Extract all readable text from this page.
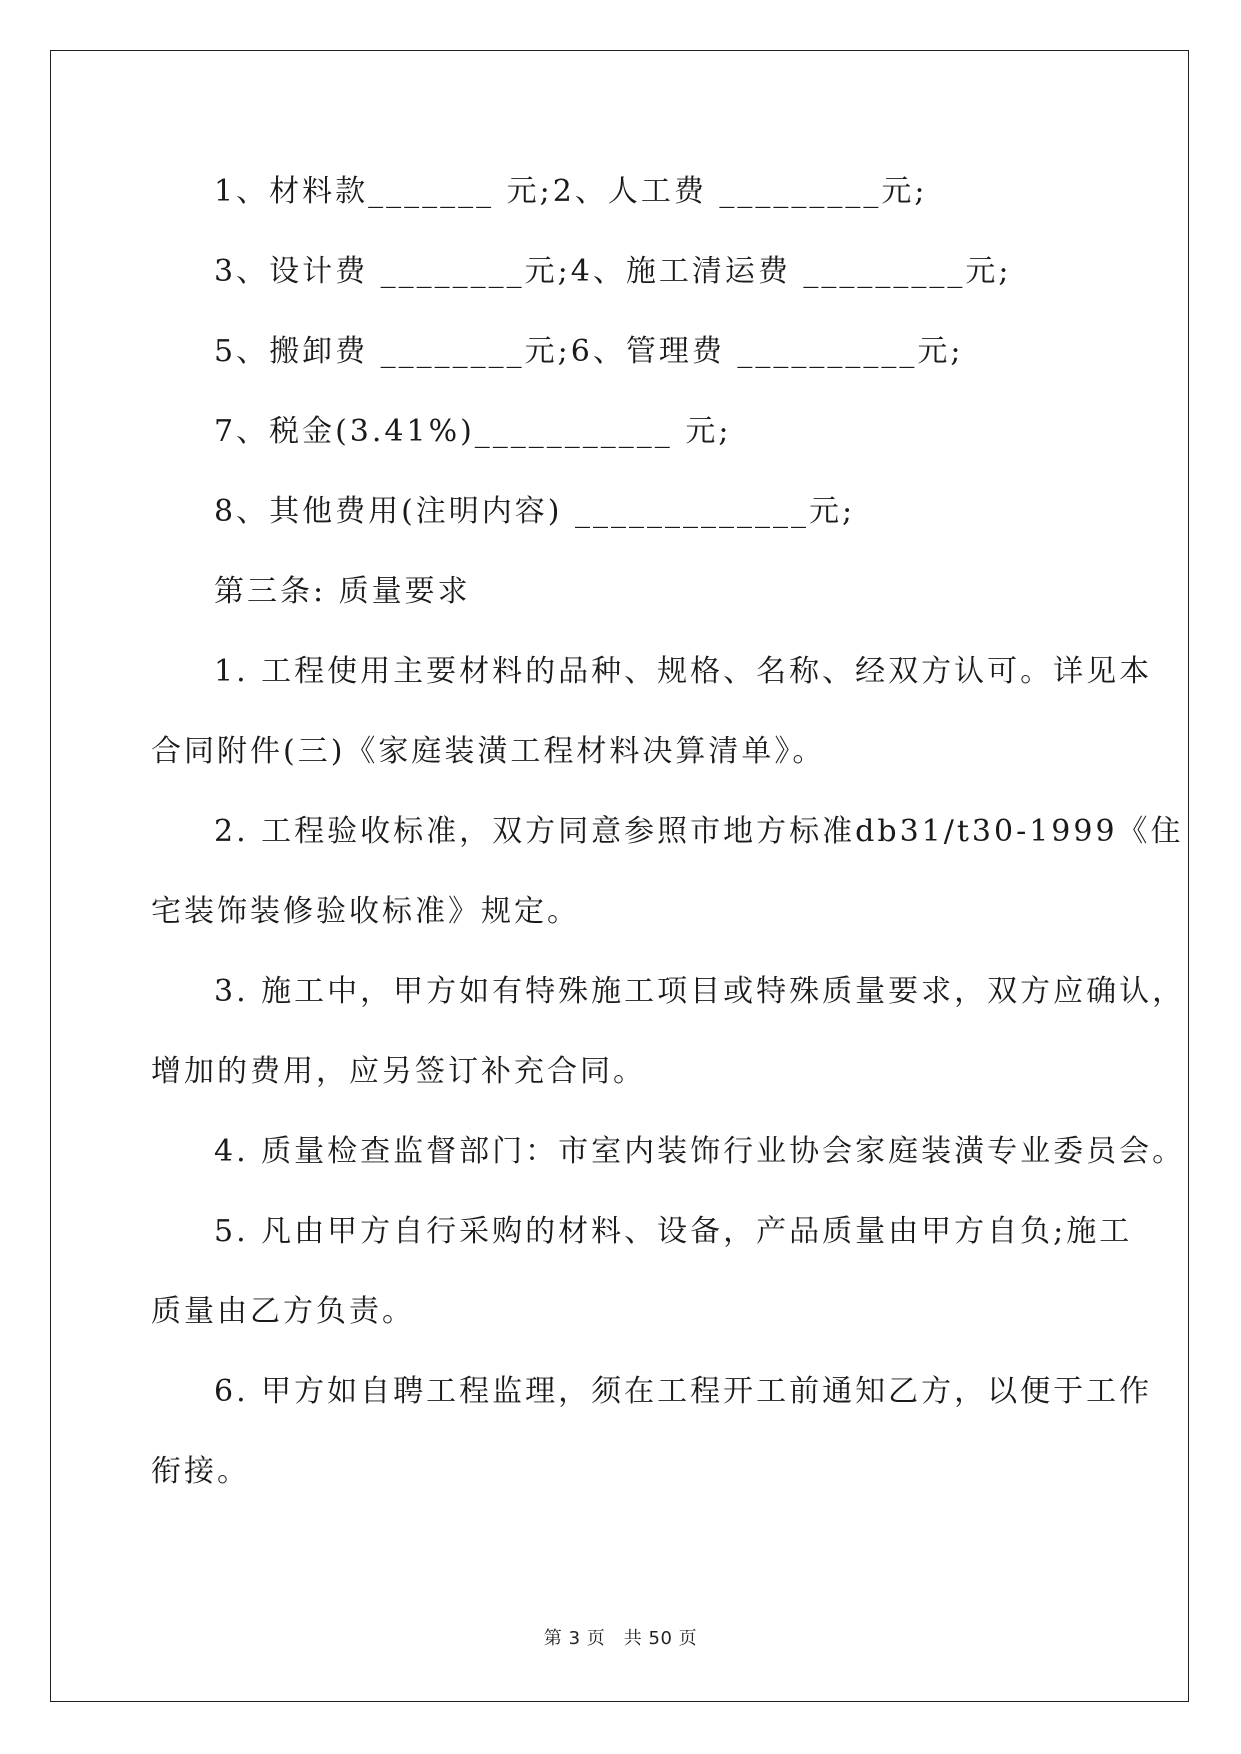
1、材料款_______ 元;2、人工费 _________元;
3、设计费 ________元;4、施工清运费 _________元;
5、搬卸费 ________元;6、管理费 __________元;
7、税金(3.41%)___________ 元;
8、其他费用(注明内容) _____________元;
第三条: 质量要求
1. 工程使用主要材料的品种、规格、名称、经双方认可。详见本
合同附件(三)《家庭装潢工程材料决算清单》。
2. 工程验收标准，双方同意参照市地方标准db31/t30-1999《住
宅装饰装修验收标准》规定。
3. 施工中，甲方如有特殊施工项目或特殊质量要求，双方应确认，
增加的费用，应另签订补充合同。
4. 质量检查监督部门：市室内装饰行业协会家庭装潢专业委员会。
5. 凡由甲方自行采购的材料、设备，产品质量由甲方自负;施工
质量由乙方负责。
6. 甲方如自聘工程监理，须在工程开工前通知乙方，以便于工作
衔接。
第 3 页　共 50 页
